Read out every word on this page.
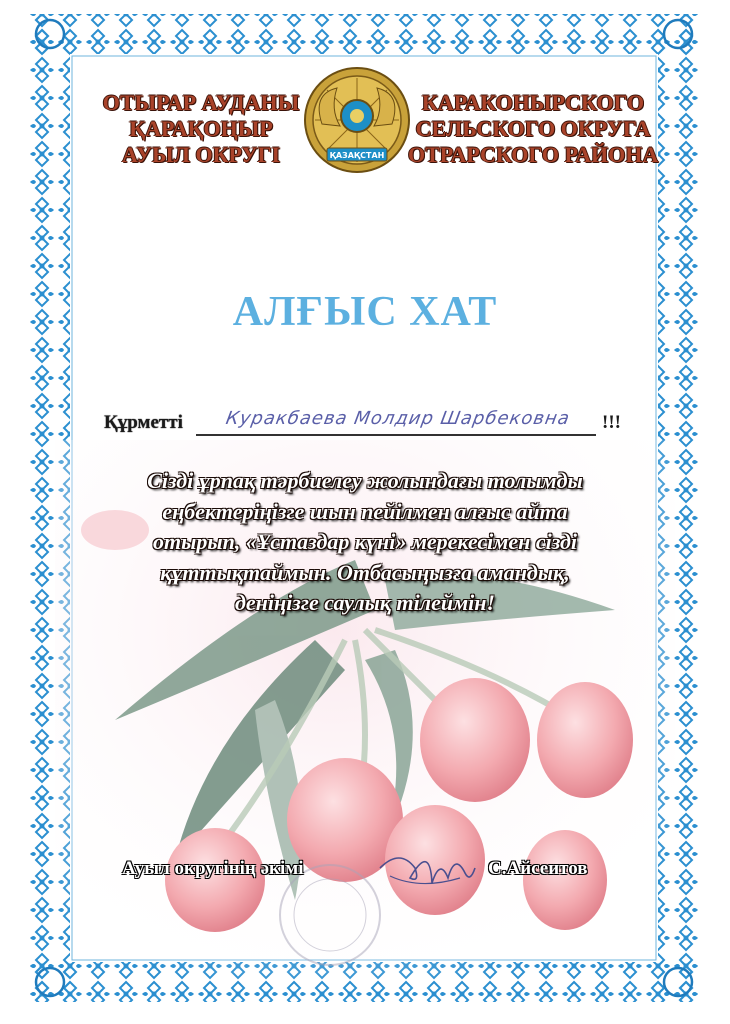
ОТЫРАР АУДАНЫ
ҚАРАҚОҢЫР
АУЫЛ ОКРУГІ	ҚАЗАҚСТАН
КАРАКОНЫРСКОГО
СЕЛЬСКОГО ОКРУГА
ОТРАРСКОГО РАЙОНА
АЛҒЫС ХАТ
Құрметті	Куракбаева Молдир Шарбековна	!!!
Сізді ұрпақ тәрбиелеу жолындағы толымды
еңбектеріңізге шын пейілмен алғыс айта
отырып, «Ұстаздар күні» мерекесімен сізді
құттықтаймын. Отбасыңызға амандық,
деніңізге саулық тілеймін!
Ауыл округінің әкімі	С.Айсеитов
